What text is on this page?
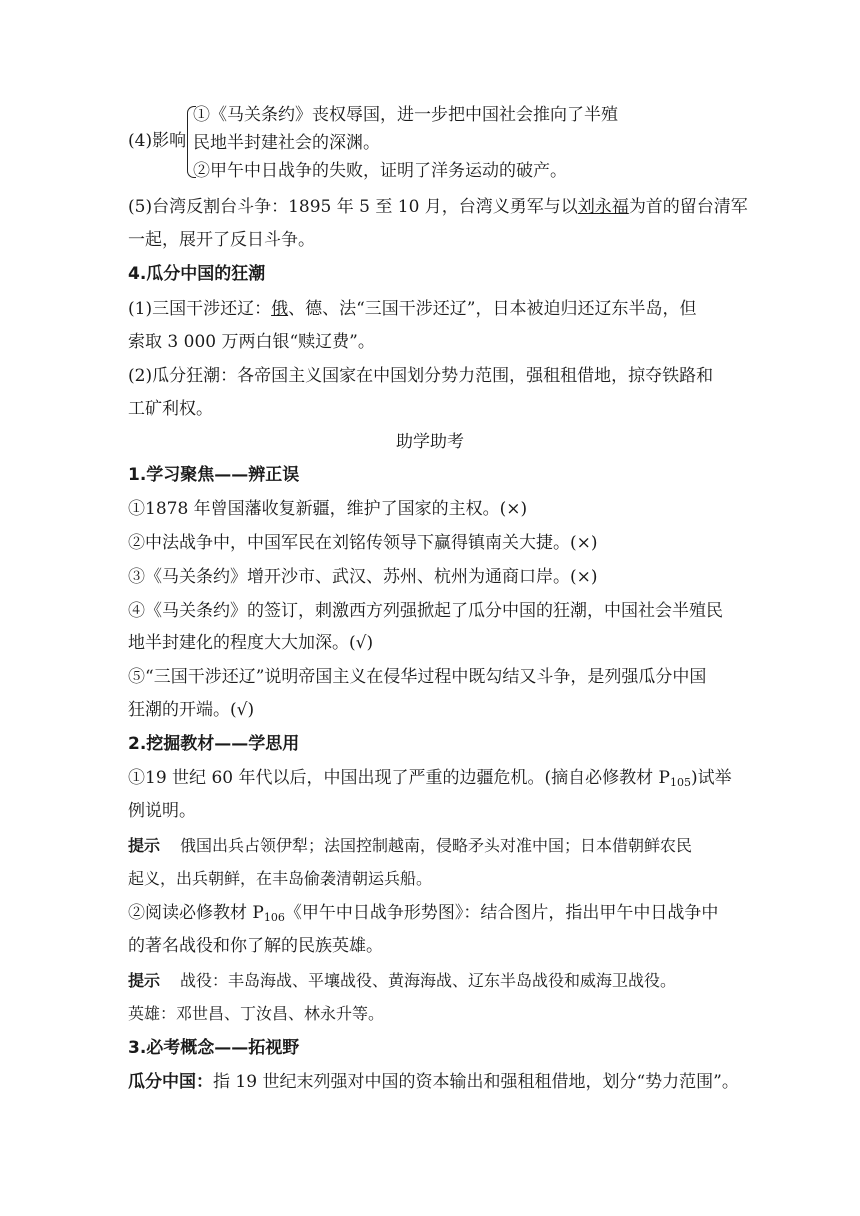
(4)影响
①《马关条约》丧权辱国，进一步把中国社会推向了半殖
民地半封建社会的深渊。
②甲午中日战争的失败，证明了洋务运动的破产。
(5)台湾反割台斗争：1895 年 5 至 10 月，台湾义勇军与以刘永福为首的留台清军
一起，展开了反日斗争。
4.瓜分中国的狂潮
(1)三国干涉还辽：俄、德、法“三国干涉还辽”，日本被迫归还辽东半岛，但
索取 3 000 万两白银“赎辽费”。
(2)瓜分狂潮：各帝国主义国家在中国划分势力范围，强租租借地，掠夺铁路和
工矿利权。
助学助考
1.学习聚焦——辨正误
①1878 年曾国藩收复新疆，维护了国家的主权。(×)
②中法战争中，中国军民在刘铭传领导下赢得镇南关大捷。(×)
③《马关条约》增开沙市、武汉、苏州、杭州为通商口岸。(×)
④《马关条约》的签订，刺激西方列强掀起了瓜分中国的狂潮，中国社会半殖民
地半封建化的程度大大加深。(√)
⑤“三国干涉还辽”说明帝国主义在侵华过程中既勾结又斗争，是列强瓜分中国
狂潮的开端。(√)
2.挖掘教材——学思用
①19 世纪 60 年代以后，中国出现了严重的边疆危机。(摘自必修教材 $P_{105}$)试举
例说明。
提示 俄国出兵占领伊犁；法国控制越南，侵略矛头对准中国；日本借朝鲜农民
起义，出兵朝鲜，在丰岛偷袭清朝运兵船。
②阅读必修教材 $P_{106}$《甲午中日战争形势图》：结合图片，指出甲午中日战争中
的著名战役和你了解的民族英雄。
提示 战役：丰岛海战、平壤战役、黄海海战、辽东半岛战役和威海卫战役。
英雄：邓世昌、丁汝昌、林永升等。
3.必考概念——拓视野
瓜分中国：指 19 世纪末列强对中国的资本输出和强租租借地，划分“势力范围”。
